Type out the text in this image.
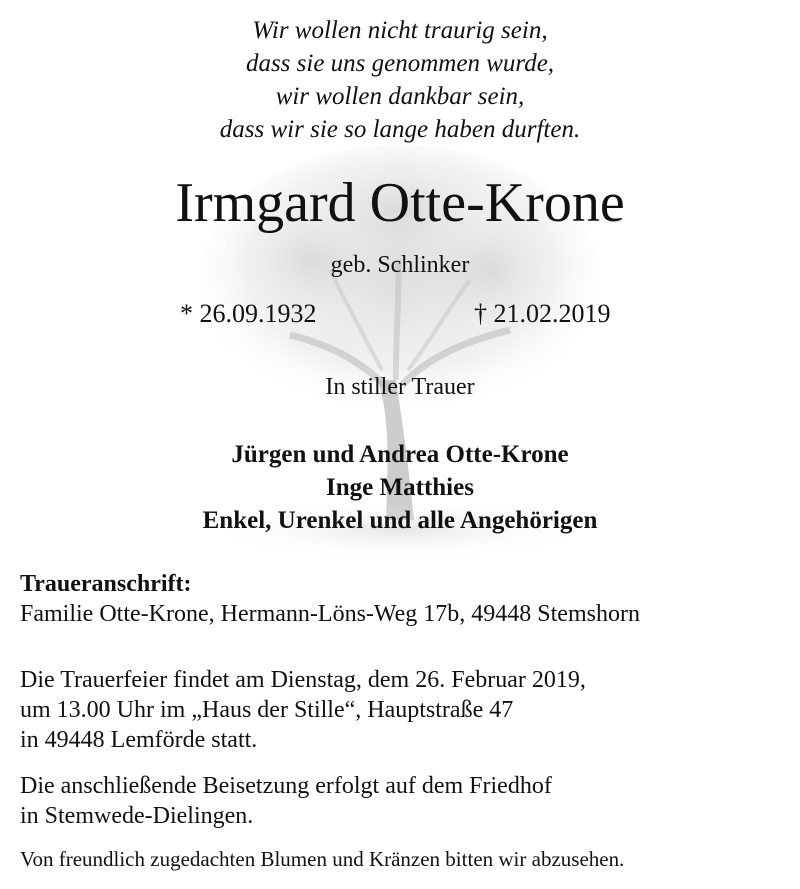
Wir wollen nicht traurig sein,
dass sie uns genommen wurde,
wir wollen dankbar sein,
dass wir sie so lange haben durften.
Irmgard Otte-Krone
geb. Schlinker
* 26.09.1932	† 21.02.2019
In stiller Trauer
Jürgen und Andrea Otte-Krone
Inge Matthies
Enkel, Urenkel und alle Angehörigen
Traueranschrift:
Familie Otte-Krone, Hermann-Löns-Weg 17b, 49448 Stemshorn
Die Trauerfeier findet am Dienstag, dem 26. Februar 2019,
um 13.00 Uhr im „Haus der Stille“, Hauptstraße 47
in 49448 Lemförde statt.
Die anschließende Beisetzung erfolgt auf dem Friedhof
in Stemwede-Dielingen.
Von freundlich zugedachten Blumen und Kränzen bitten wir abzusehen.
